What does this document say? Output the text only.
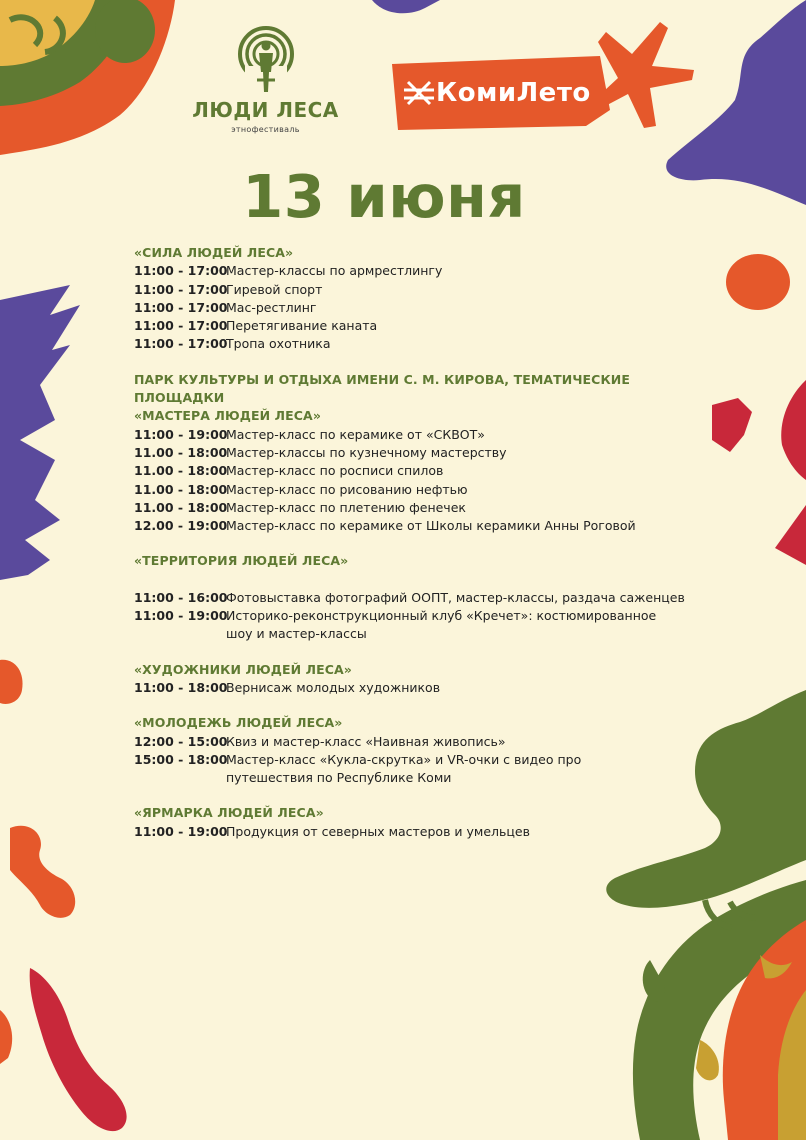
ЛЮДИ ЛЕСА
этнофестиваль
КомиЛето
13 июня
«СИЛА ЛЮДЕЙ ЛЕСА»
11:00 - 17:00
Мастер-классы по армрестлингу
11:00 - 17:00
Гиревой спорт
11:00 - 17:00
Мас-рестлинг
11:00 - 17:00
Перетягивание каната
11:00 - 17:00
Тропа охотника
ПАРК КУЛЬТУРЫ И ОТДЫХА ИМЕНИ С. М. КИРОВА, ТЕМАТИЧЕСКИЕ ПЛОЩАДКИ
«МАСТЕРА ЛЮДЕЙ ЛЕСА»
11:00 - 19:00
Мастер-класс по керамике от «СКВОТ»
11.00 - 18:00
Мастер-классы по кузнечному мастерству
11.00 - 18:00
Мастер-класс по росписи спилов
11.00 - 18:00
Мастер-класс по рисованию нефтью
11.00 - 18:00
Мастер-класс по плетению фенечек
12.00 - 19:00
Мастер-класс по керамике от Школы керамики Анны Роговой
«ТЕРРИТОРИЯ ЛЮДЕЙ ЛЕСА»
11:00 - 16:00
Фотовыставка фотографий ООПТ, мастер-классы, раздача саженцев
11:00 - 19:00
Историко-реконструкционный клуб «Кречет»: костюмированное
шоу и мастер-классы
«ХУДОЖНИКИ ЛЮДЕЙ ЛЕСА»
11:00 - 18:00
Вернисаж молодых художников
«МОЛОДЕЖЬ ЛЮДЕЙ ЛЕСА»
12:00 - 15:00
Квиз и мастер-класс «Наивная живопись»
15:00 - 18:00
Мастер-класс «Кукла-скрутка» и VR-очки с видео про
путешествия по Республике Коми
«ЯРМАРКА ЛЮДЕЙ ЛЕСА»
11:00 - 19:00
Продукция от северных мастеров и умельцев
